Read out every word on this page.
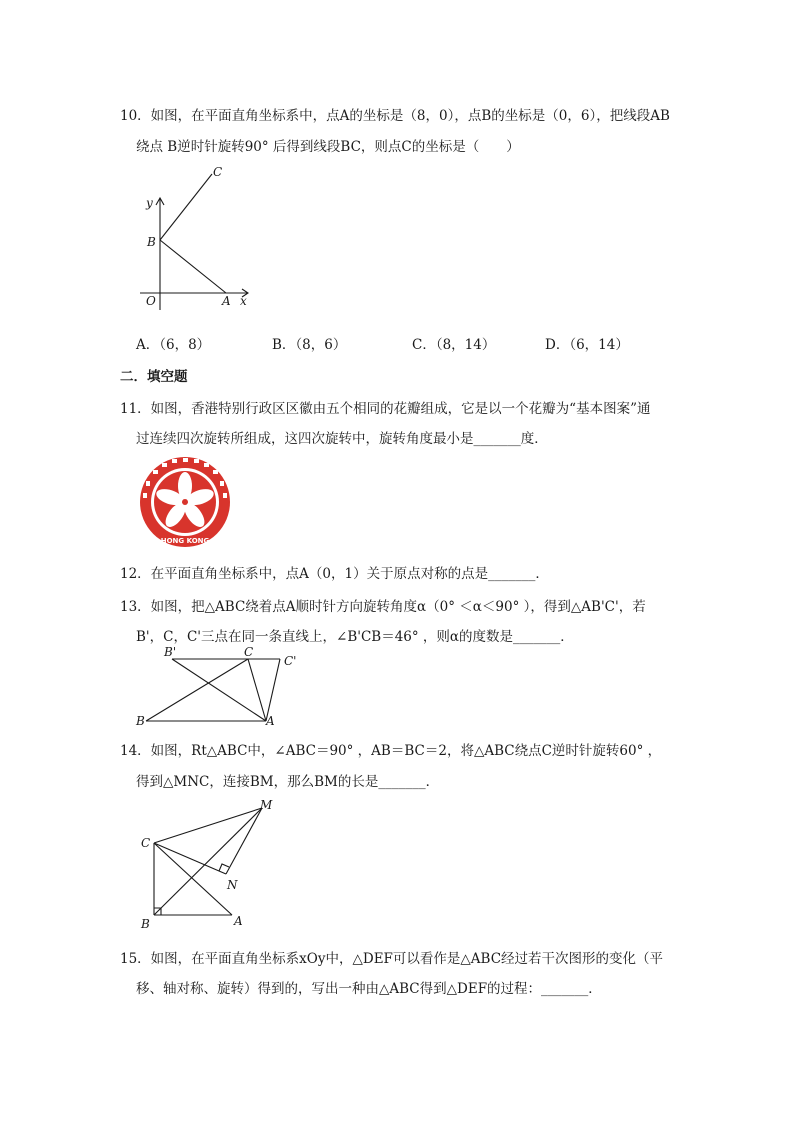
10．如图，在平面直角坐标系中，点A的坐标是（8，0），点B的坐标是（0，6），把线段AB
绕点 B逆时针旋转90° 后得到线段BC，则点C的坐标是（　　）
C
y
B
O	A x
A．（6，8）	B．（8，6）	C．（8，14）	D．（6，14）
二．填空题
11．如图，香港特别行政区区徽由五个相同的花瓣组成，它是以一个花瓣为“基本图案”通
过连续四次旋转所组成，这四次旋转中，旋转角度最小是_______度．
HONG KONG
12．在平面直角坐标系中，点A（0，1）关于原点对称的点是_______．
13．如图，把△ABC绕着点A顺时针方向旋转角度α（0° ＜α＜90° ），得到△AB'C'，若
B'，C，C'三点在同一条直线上，∠B'CB＝46° ，则α的度数是_______．
B'	C
C'
B	A
14．如图，Rt△ABC中，∠ABC＝90° ，AB＝BC＝2，将△ABC绕点C逆时针旋转60° ，
得到△MNC，连接BM，那么BM的长是_______．
M
C
N
B	A
15．如图，在平面直角坐标系xOy中，△DEF可以看作是△ABC经过若干次图形的变化（平
移、轴对称、旋转）得到的，写出一种由△ABC得到△DEF的过程：_______．
